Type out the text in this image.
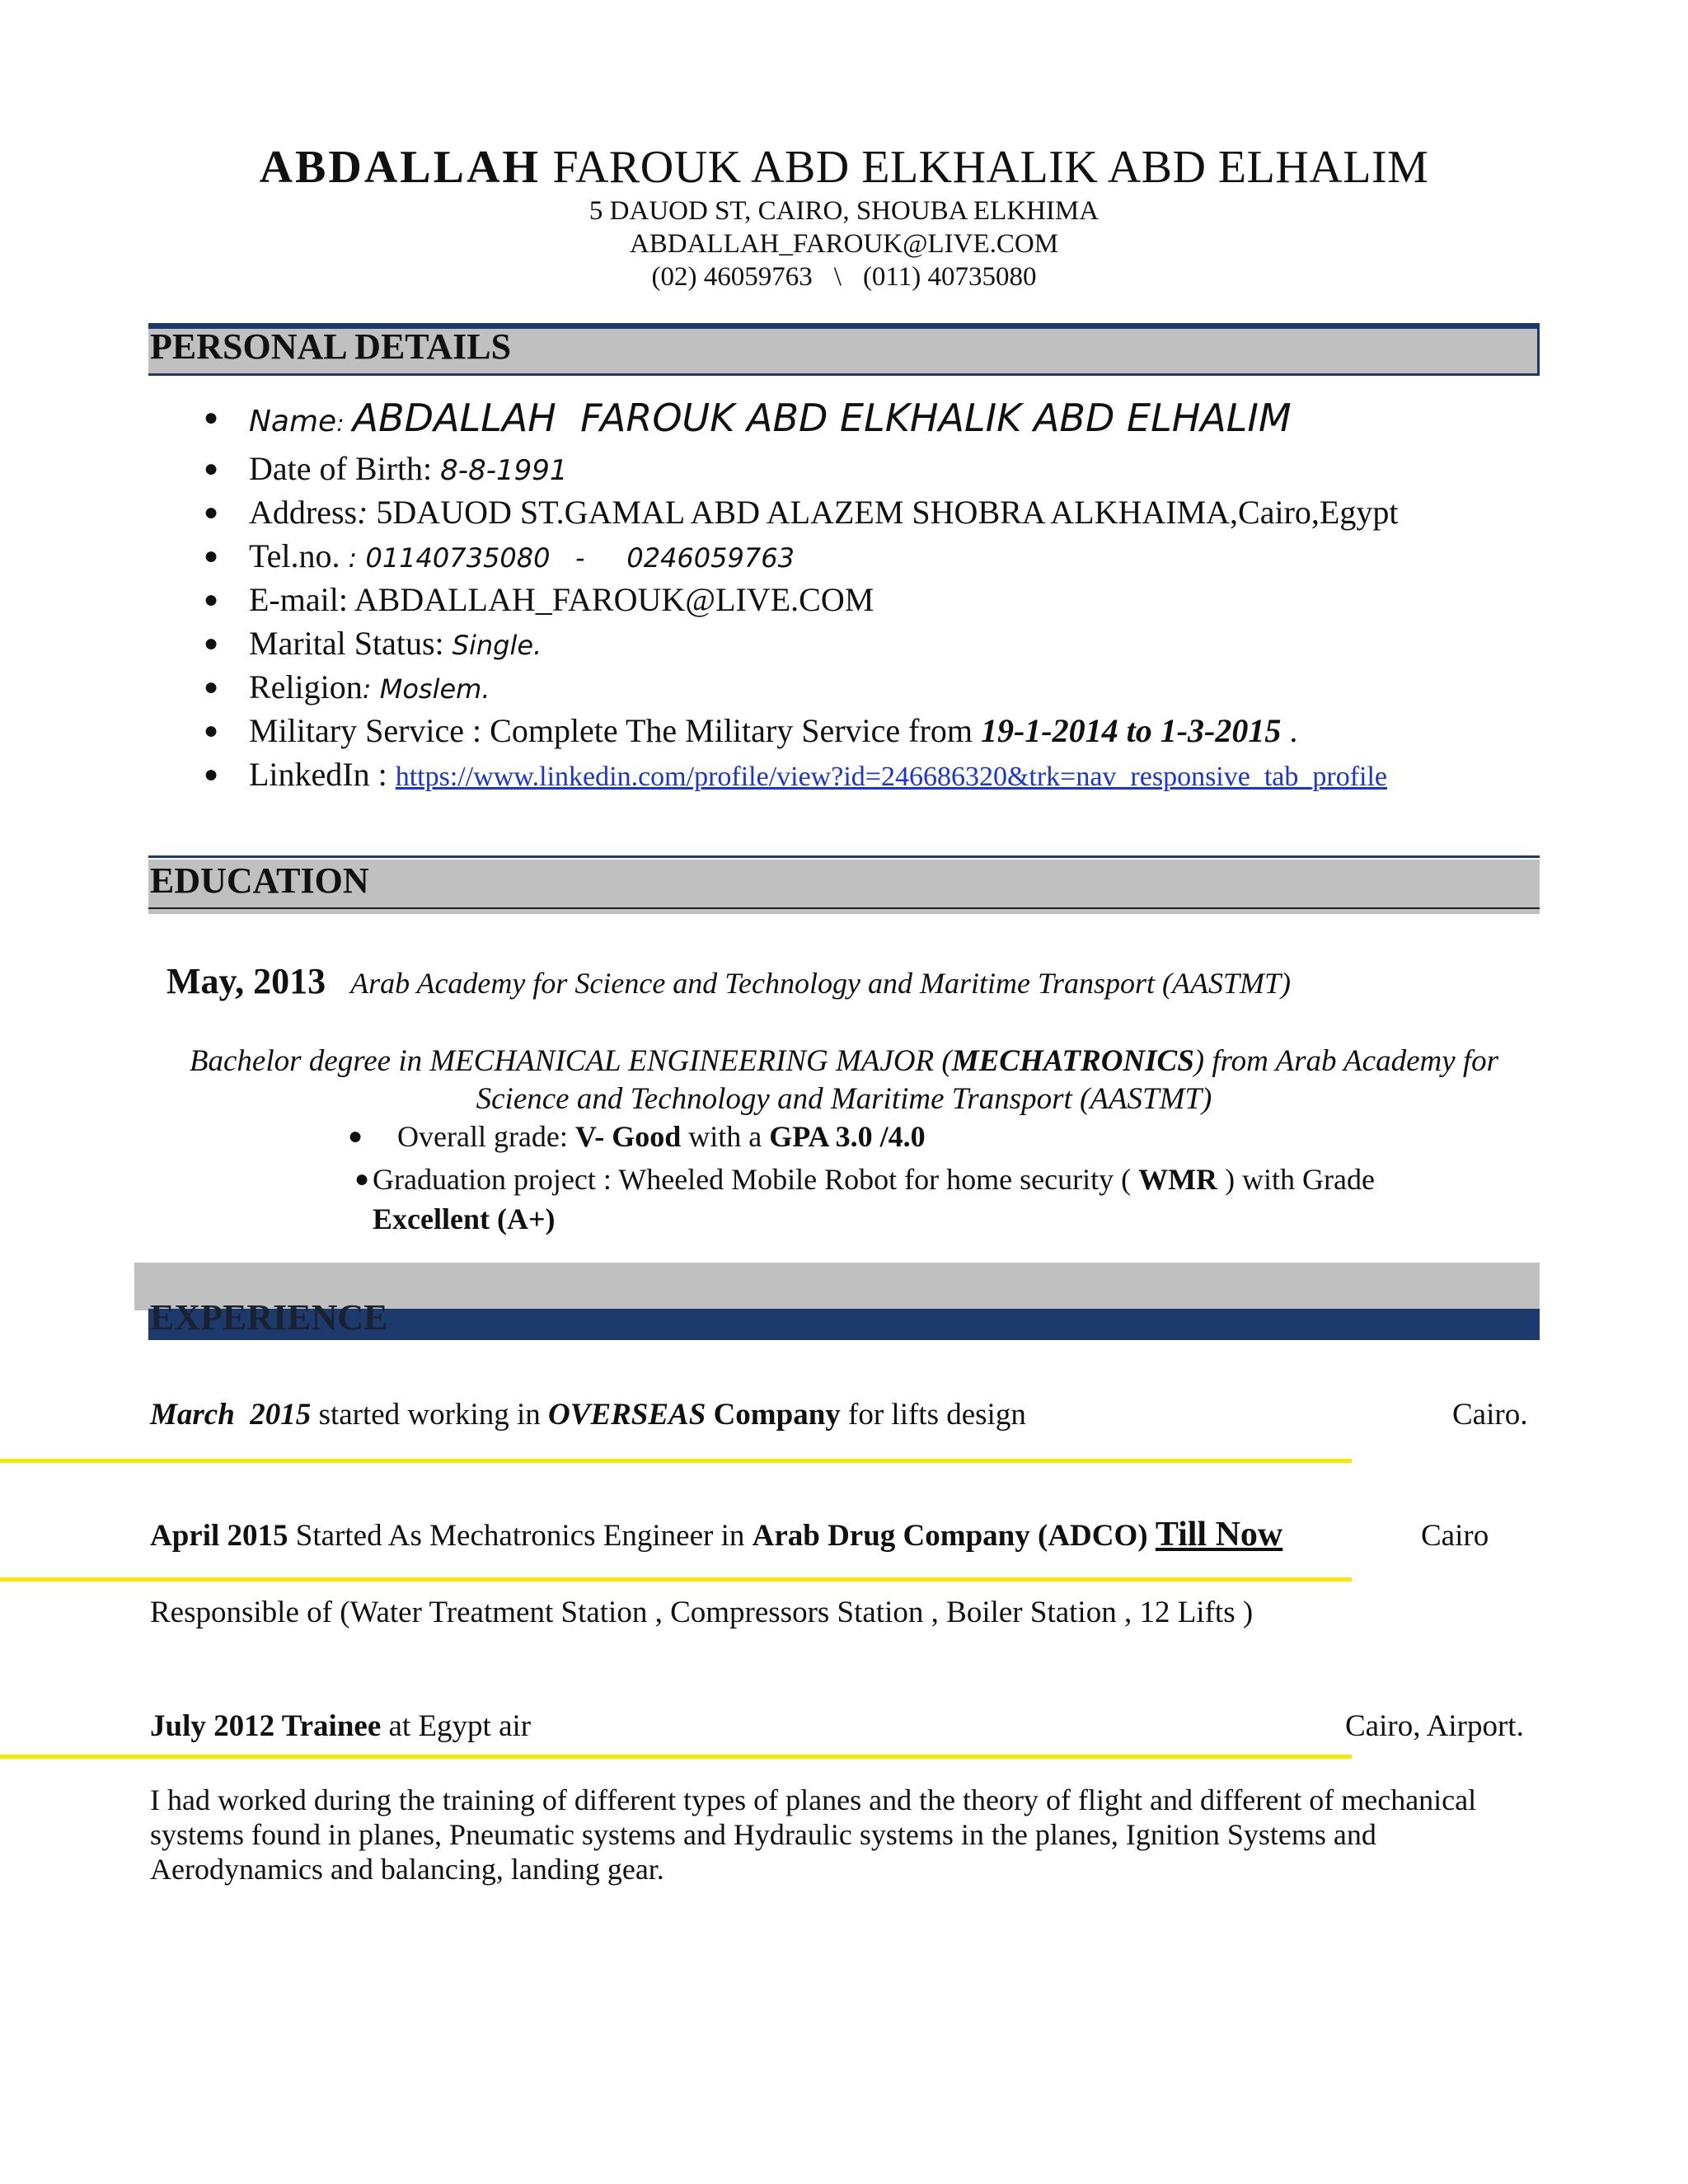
ABDALLAH FAROUK ABD ELKHALIK ABD ELHALIM
5 DAUOD ST, CAIRO, SHOUBA ELKHIMA
ABDALLAH_FAROUK@LIVE.COM
(02) 46059763 \ (011) 40735080
PERSONAL DETAILS
● Name: ABDALLAH  FAROUK ABD ELKHALIK ABD ELHALIM
● Date of Birth: 8-8-1991
● Address: 5DAUOD ST.GAMAL ABD ALAZEM SHOBRA ALKHAIMA,Cairo,Egypt
● Tel.no. : 01140735080   -     0246059763
● E-mail: ABDALLAH_FAROUK@LIVE.COM
● Marital Status: Single.
● Religion: Moslem.
● Military Service : Complete The Military Service from 19-1-2014 to 1-3-2015 .
● LinkedIn : https://www.linkedin.com/profile/view?id=246686320&trk=nav_responsive_tab_profile
EDUCATION
May, 2013 Arab Academy for Science and Technology and Maritime Transport (AASTMT)
Bachelor degree in MECHANICAL ENGINEERING MAJOR (MECHATRONICS) from Arab Academy for
Science and Technology and Maritime Transport (AASTMT)
● Overall grade: V- Good with a GPA 3.0 /4.0
● Graduation project : Wheeled Mobile Robot for home security ( WMR ) with Grade
Excellent (A+)
EXPERIENCE
March  2015 started working in OVERSEAS Company for lifts design	Cairo.
April 2015 Started As Mechatronics Engineer in Arab Drug Company (ADCO) Till Now	Cairo
Responsible of (Water Treatment Station , Compressors Station , Boiler Station , 12 Lifts )
July 2012 Trainee at Egypt air	Cairo, Airport.
I had worked during the training of different types of planes and the theory of flight and different of mechanical
systems found in planes, Pneumatic systems and Hydraulic systems in the planes, Ignition Systems and
Aerodynamics and balancing, landing gear.
